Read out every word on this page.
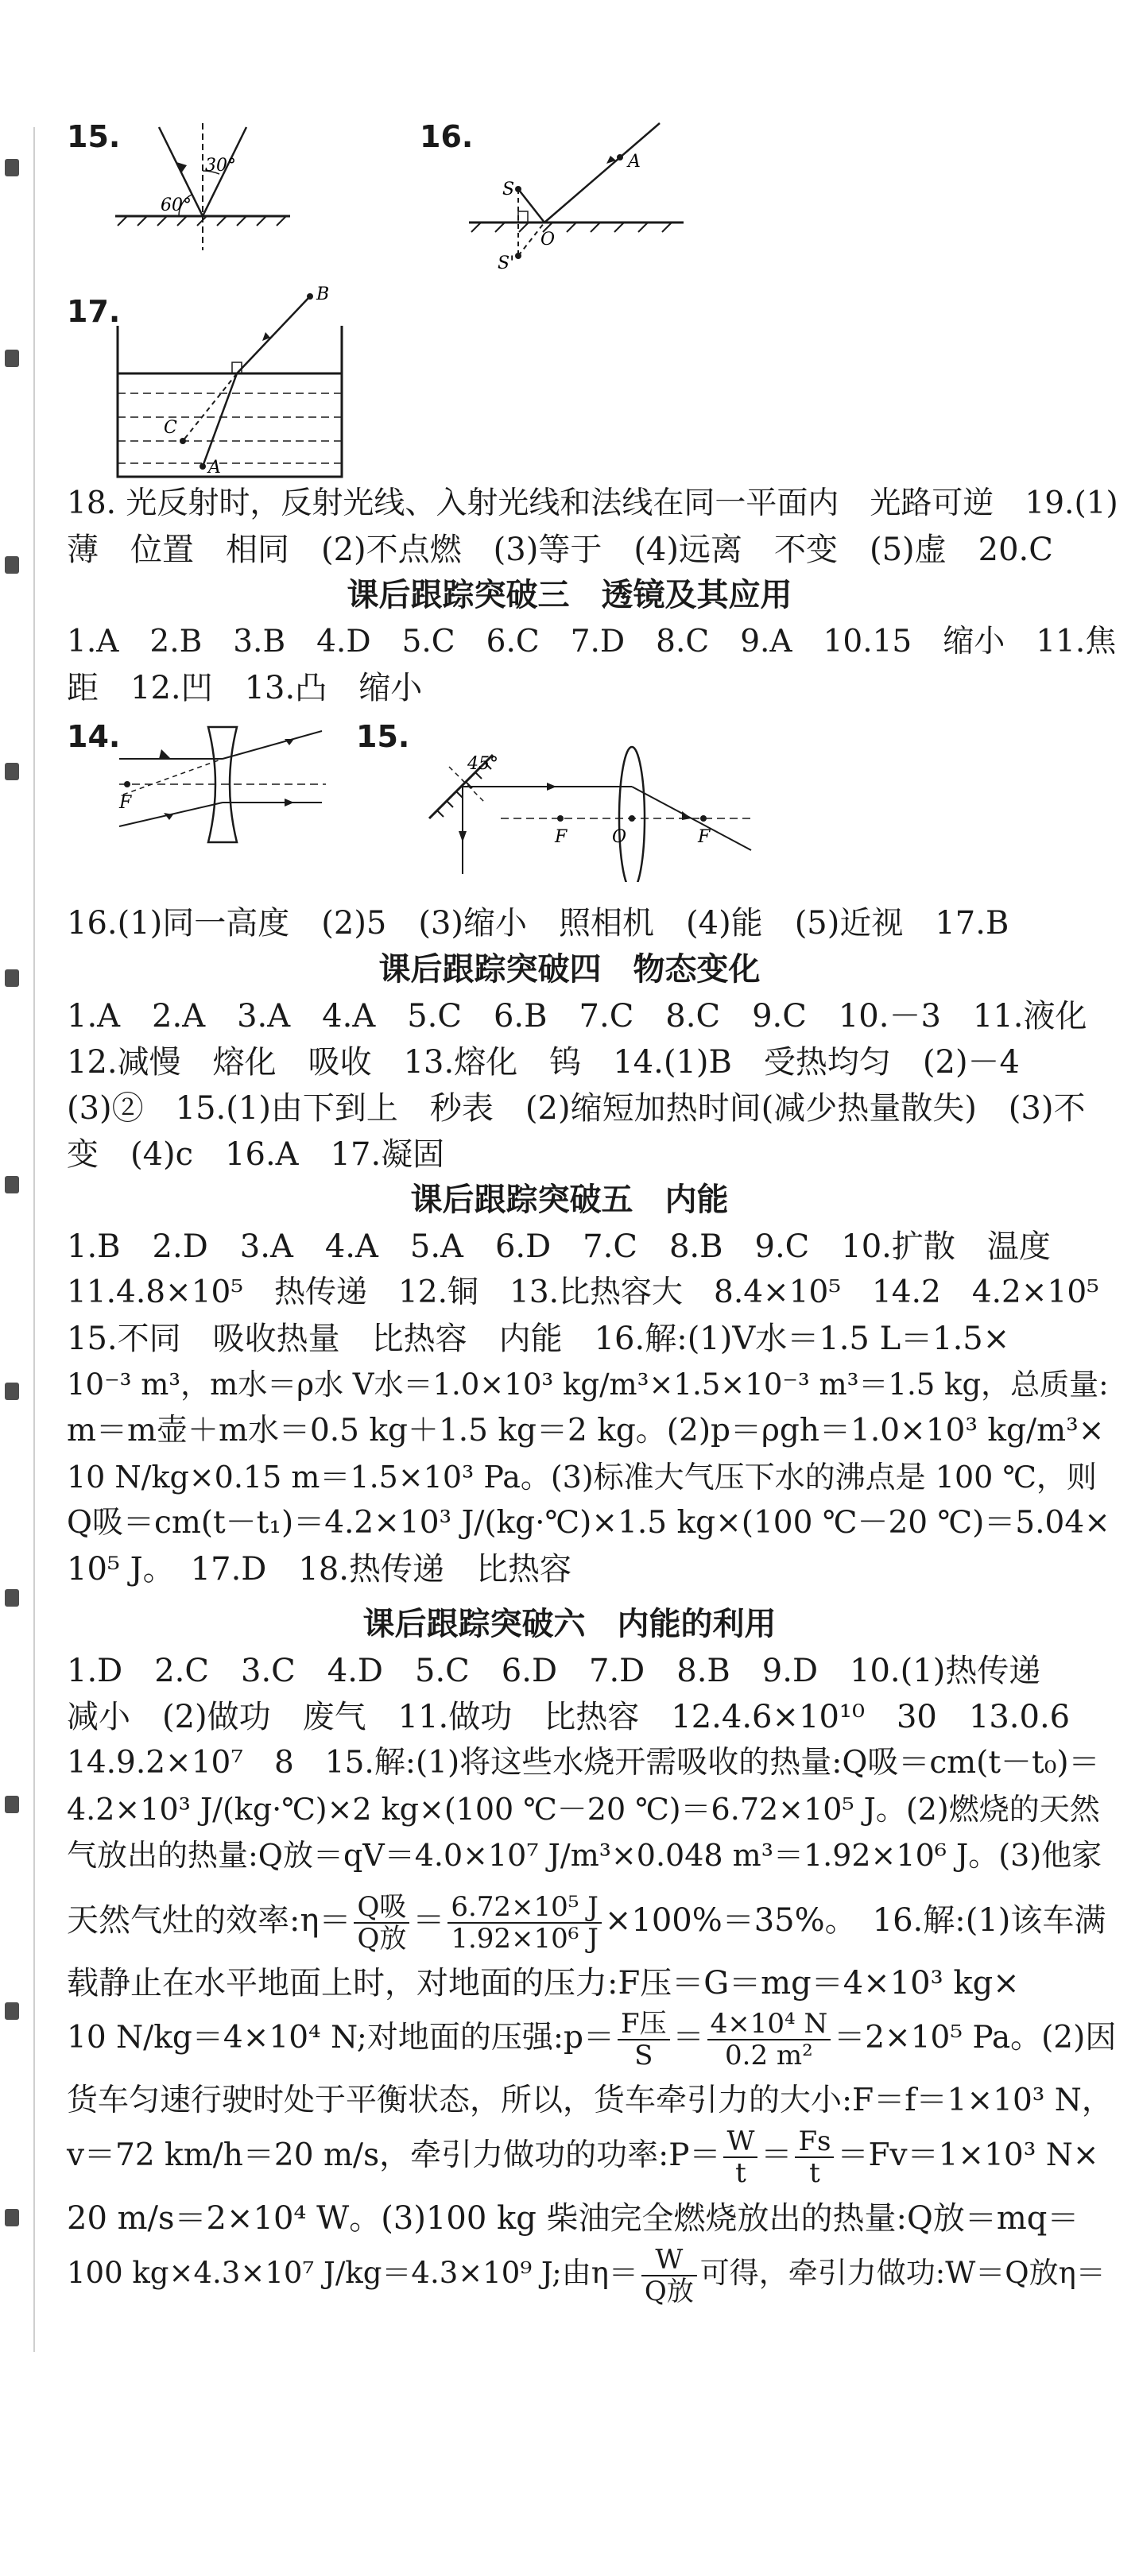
15.
30°
60°
16.
S
A
O
S'
17.	B
C
A
18. 光反射时，反射光线、入射光线和法线在同一平面内　光路可逆　19.(1)
薄　位置　相同　(2)不点燃　(3)等于　(4)远离　不变　(5)虚　20.C
课后跟踪突破三 透镜及其应用
1.A　2.B　3.B　4.D　5.C　6.C　7.D　8.C　9.A　10.15　缩小　11.焦
距　12.凹　13.凸　缩小
14.
F
15.
45°
F	O	F
16.(1)同一高度　(2)5　(3)缩小　照相机　(4)能　(5)近视　17.B
课后跟踪突破四 物态变化
1.A　2.A　3.A　4.A　5.C　6.B　7.C　8.C　9.C　10.－3　11.液化
12.减慢　熔化　吸收　13.熔化　钨　14.(1)B　受热均匀　(2)－4
(3)②　15.(1)由下到上　秒表　(2)缩短加热时间(减少热量散失)　(3)不
变　(4)c　16.A　17.凝固
课后跟踪突破五 内能
1.B　2.D　3.A　4.A　5.A　6.D　7.C　8.B　9.C　10.扩散　温度
11.4.8×10⁵　热传递　12.铜　13.比热容大　8.4×10⁵　14.2　4.2×10⁵
15.不同　吸收热量　比热容　内能　16.解:(1)V水＝1.5 L＝1.5×
10⁻³ m³，m水＝ρ水 V水＝1.0×10³ kg/m³×1.5×10⁻³ m³＝1.5 kg，总质量:
m＝m壶＋m水＝0.5 kg＋1.5 kg＝2 kg。(2)p＝ρgh＝1.0×10³ kg/m³×
10 N/kg×0.15 m＝1.5×10³ Pa。(3)标准大气压下水的沸点是 100 ℃，则
Q吸＝cm(t－t₁)＝4.2×10³ J/(kg·℃)×1.5 kg×(100 ℃－20 ℃)＝5.04×
10⁵ J。　17.D　18.热传递　比热容
课后跟踪突破六 内能的利用
1.D　2.C　3.C　4.D　5.C　6.D　7.D　8.B　9.D　10.(1)热传递
减小　(2)做功　废气　11.做功　比热容　12.4.6×10¹⁰　30　13.0.6
14.9.2×10⁷　8　15.解:(1)将这些水烧开需吸收的热量:Q吸＝cm(t－t₀)＝
4.2×10³ J/(kg·℃)×2 kg×(100 ℃－20 ℃)＝6.72×10⁵ J。(2)燃烧的天然
气放出的热量:Q放＝qV＝4.0×10⁷ J/m³×0.048 m³＝1.92×10⁶ J。(3)他家
天然气灶的效率:η＝ $\frac{\text{Q吸}}{\text{Q放}} = \frac{\text{6.72×10⁵ J}}{\text{1.92×10⁶ J}} \times 100\%=35\%$。　16.解:(1)该车满
载静止在水平地面上时，对地面的压力:F压＝G＝mg＝4×10³ kg×
10 N/kg＝4×10⁴ N;对地面的压强:p＝ $\frac{\text{F压}}{S} = \frac{\text{4×10⁴ N}}{\text{0.2 m²}} =2\times 10^5$ Pa。(2)因
货车匀速行驶时处于平衡状态，所以，货车牵引力的大小:F＝f＝1×10³ N，
v＝72 km/h＝20 m/s，牵引力做功的功率:P＝ $\frac{W}{t} = \frac{Fs}{t} =Fv=1\times 10^3$ N×
20 m/s＝2×10⁴ W。(3)100 kg 柴油完全燃烧放出的热量:Q放＝mq＝
100 kg×4.3×10⁷ J/kg＝4.3×10⁹ J;由$\eta= \frac{W}{\text{Q放}}$ 可得，牵引力做功:W＝Q放η＝
